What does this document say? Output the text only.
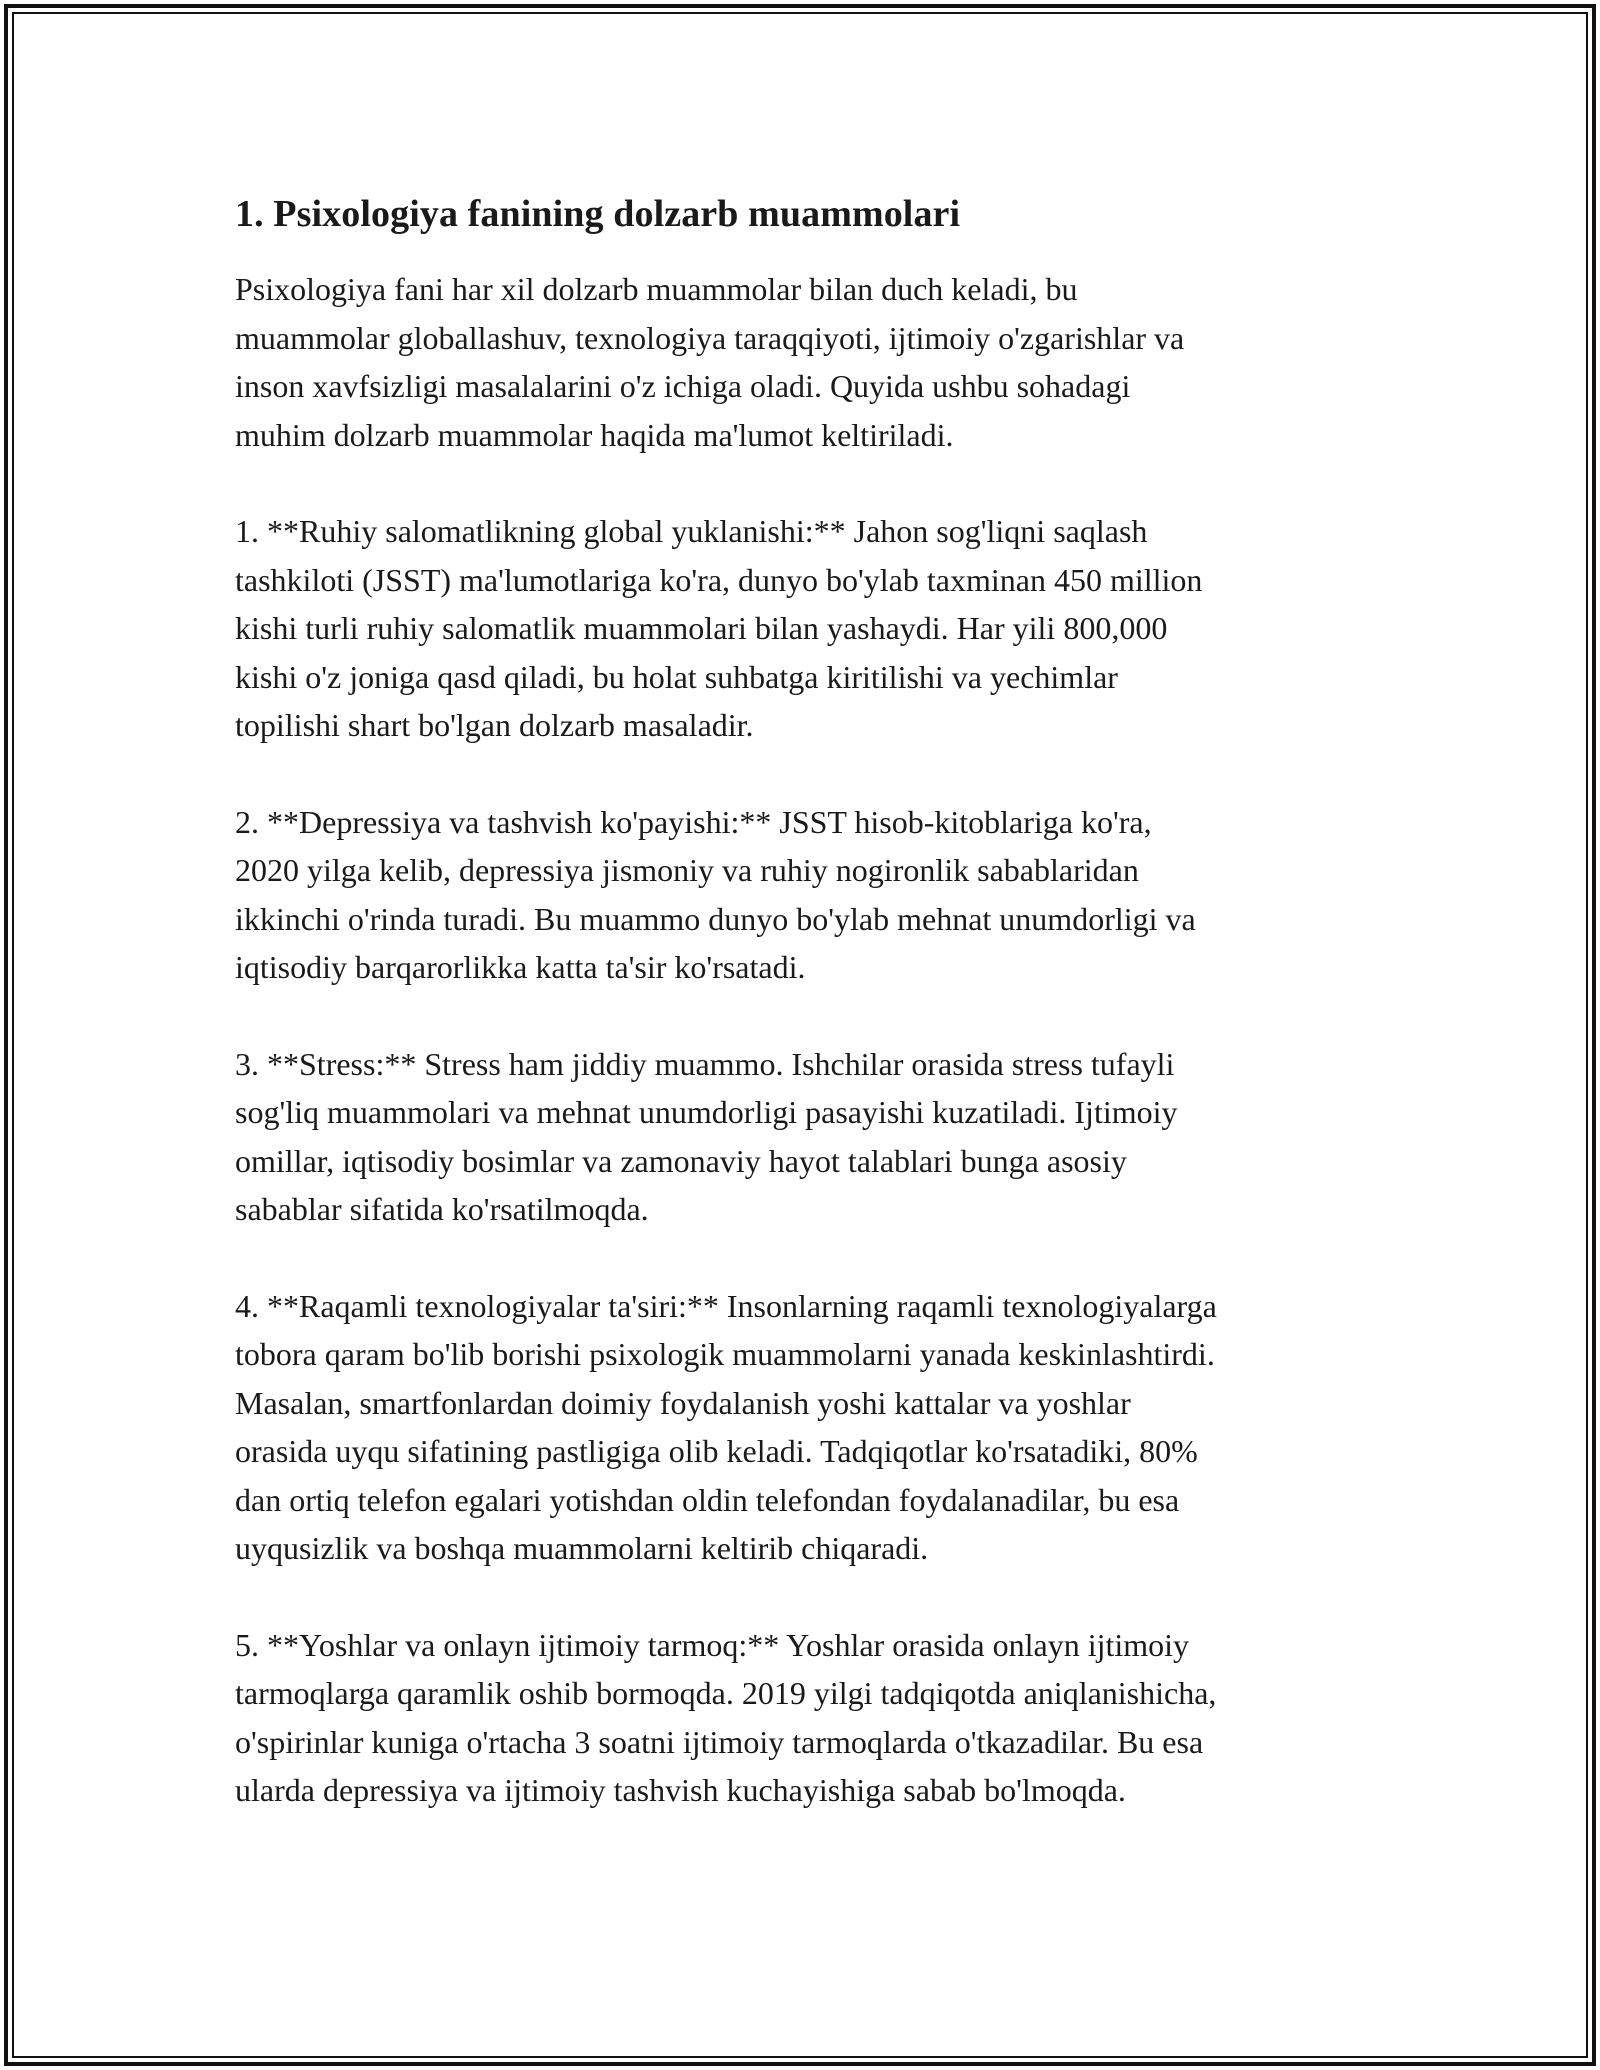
1. Psixologiya fanining dolzarb muammolari

Psixologiya fani har xil dolzarb muammolar bilan duch keladi, bu
muammolar globallashuv, texnologiya taraqqiyoti, ijtimoiy o'zgarishlar va
inson xavfsizligi masalalarini o'z ichiga oladi. Quyida ushbu sohadagi
muhim dolzarb muammolar haqida ma'lumot keltiriladi.

1. **Ruhiy salomatlikning global yuklanishi:** Jahon sog'liqni saqlash
tashkiloti (JSST) ma'lumotlariga ko'ra, dunyo bo'ylab taxminan 450 million
kishi turli ruhiy salomatlik muammolari bilan yashaydi. Har yili 800,000
kishi o'z joniga qasd qiladi, bu holat suhbatga kiritilishi va yechimlar
topilishi shart bo'lgan dolzarb masaladir.

2. **Depressiya va tashvish ko'payishi:** JSST hisob-kitoblariga ko'ra,
2020 yilga kelib, depressiya jismoniy va ruhiy nogironlik sabablaridan
ikkinchi o'rinda turadi. Bu muammo dunyo bo'ylab mehnat unumdorligi va
iqtisodiy barqarorlikka katta ta'sir ko'rsatadi.

3. **Stress:** Stress ham jiddiy muammo. Ishchilar orasida stress tufayli
sog'liq muammolari va mehnat unumdorligi pasayishi kuzatiladi. Ijtimoiy
omillar, iqtisodiy bosimlar va zamonaviy hayot talablari bunga asosiy
sabablar sifatida ko'rsatilmoqda.

4. **Raqamli texnologiyalar ta'siri:** Insonlarning raqamli texnologiyalarga
tobora qaram bo'lib borishi psixologik muammolarni yanada keskinlashtirdi.
Masalan, smartfonlardan doimiy foydalanish yoshi kattalar va yoshlar
orasida uyqu sifatining pastligiga olib keladi. Tadqiqotlar ko'rsatadiki, 80%
dan ortiq telefon egalari yotishdan oldin telefondan foydalanadilar, bu esa
uyqusizlik va boshqa muammolarni keltirib chiqaradi.

5. **Yoshlar va onlayn ijtimoiy tarmoq:** Yoshlar orasida onlayn ijtimoiy
tarmoqlarga qaramlik oshib bormoqda. 2019 yilgi tadqiqotda aniqlanishicha,
o'spirinlar kuniga o'rtacha 3 soatni ijtimoiy tarmoqlarda o'tkazadilar. Bu esa
ularda depressiya va ijtimoiy tashvish kuchayishiga sabab bo'lmoqda.
